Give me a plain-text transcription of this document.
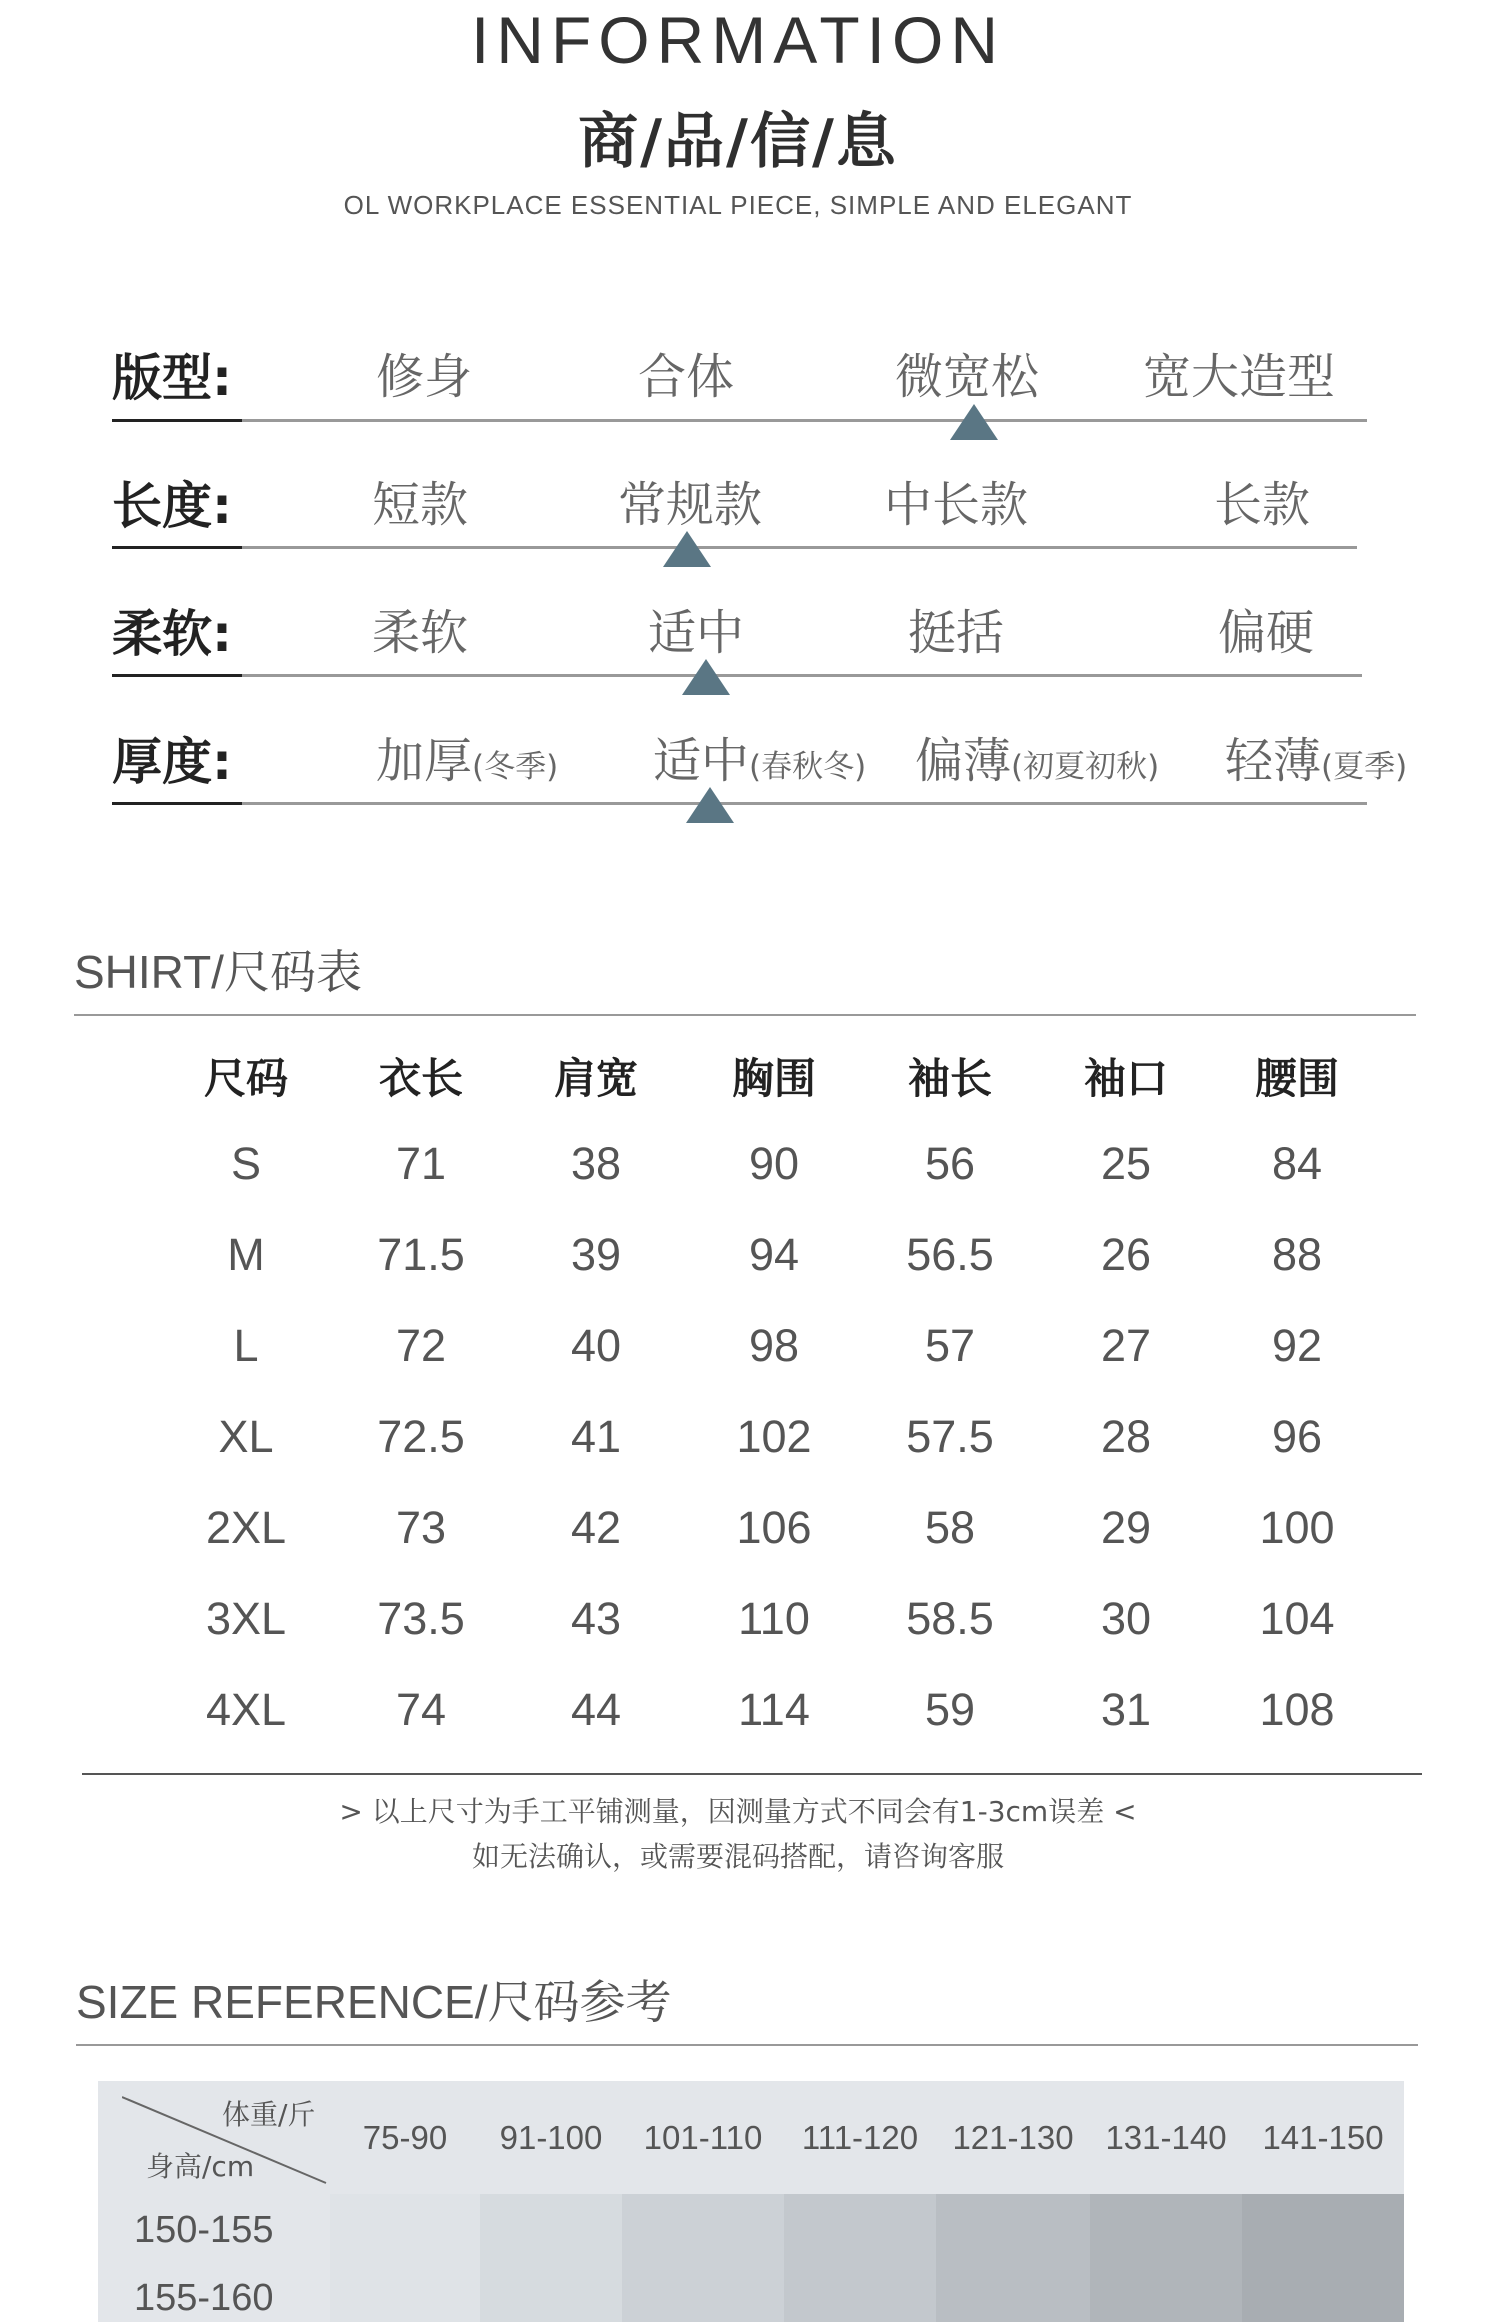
INFORMATION
商/品/信/息
OL WORKPLACE ESSENTIAL PIECE, SIMPLE AND ELEGANT
版型:	修身	合体	微宽松 宽大造型
长度:	短款	常规款	中长款	长款
柔软:	柔软	适中	挺括	偏硬
厚度:	加厚(冬季) 适中(春秋冬) 偏薄(初夏初秋) 轻薄(夏季)
SHIRT/尺码表
尺码	衣长	肩宽	胸围	袖长	袖口	腰围
S	71	38	90	56	25	84
M	71.5	39	94	56.5	26	88
L	72	40	98	57	27	92
XL	72.5	41	102	57.5	28	96
2XL	73	42	106	58	29	100
3XL	73.5	43	110	58.5	30	104
4XL	74	44	114	59	31	108
> 以上尺寸为手工平铺测量，因测量方式不同会有1-3cm误差 <
如无法确认，或需要混码搭配，请咨询客服
SIZE REFERENCE/尺码参考
体重/斤
身高/cm
75-90	91-100	101-110	111-120	121-130 131-140	141-150
150-155
155-160
